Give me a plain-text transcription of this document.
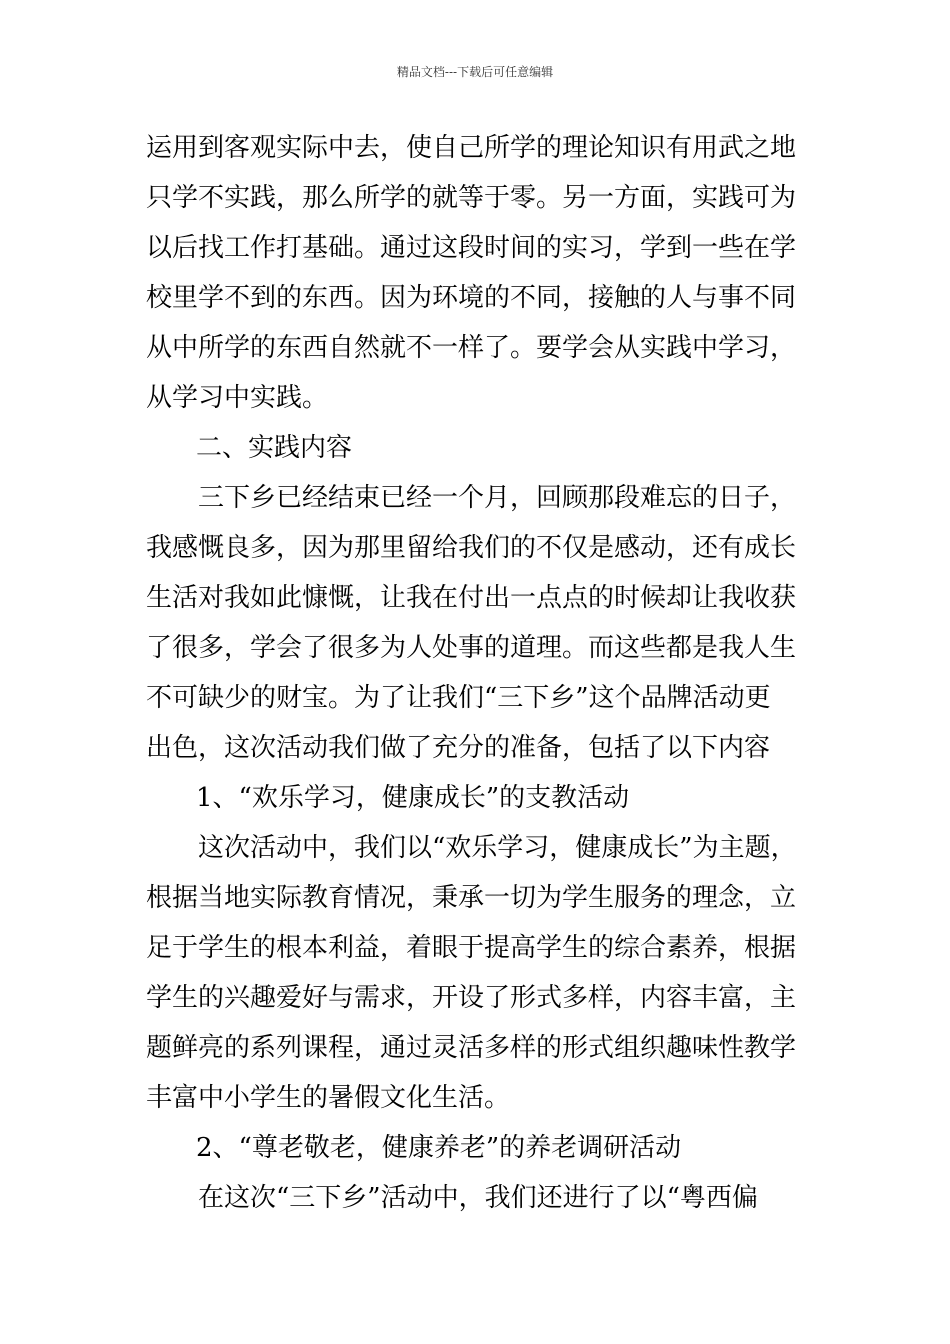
精品文档---下载后可任意编辑
运用到客观实际中去，使自己所学的理论知识有用武之地
只学不实践，那么所学的就等于零。另一方面，实践可为
以后找工作打基础。通过这段时间的实习，学到一些在学
校里学不到的东西。因为环境的不同，接触的人与事不同
从中所学的东西自然就不一样了。要学会从实践中学习，
从学习中实践。
二、实践内容
三下乡已经结束已经一个月，回顾那段难忘的日子，
我感慨良多，因为那里留给我们的不仅是感动，还有成长
生活对我如此慷慨，让我在付出一点点的时候却让我收获
了很多，学会了很多为人处事的道理。而这些都是我人生
不可缺少的财宝。为了让我们“三下乡”这个品牌活动更
出色，这次活动我们做了充分的准备，包括了以下内容
1、“欢乐学习，健康成长”的支教活动
这次活动中，我们以“欢乐学习，健康成长”为主题，
根据当地实际教育情况，秉承一切为学生服务的理念，立
足于学生的根本利益，着眼于提高学生的综合素养，根据
学生的兴趣爱好与需求，开设了形式多样，内容丰富，主
题鲜亮的系列课程，通过灵活多样的形式组织趣味性教学
丰富中小学生的暑假文化生活。
2、“尊老敬老，健康养老”的养老调研活动
在这次“三下乡”活动中，我们还进行了以“粤西偏
